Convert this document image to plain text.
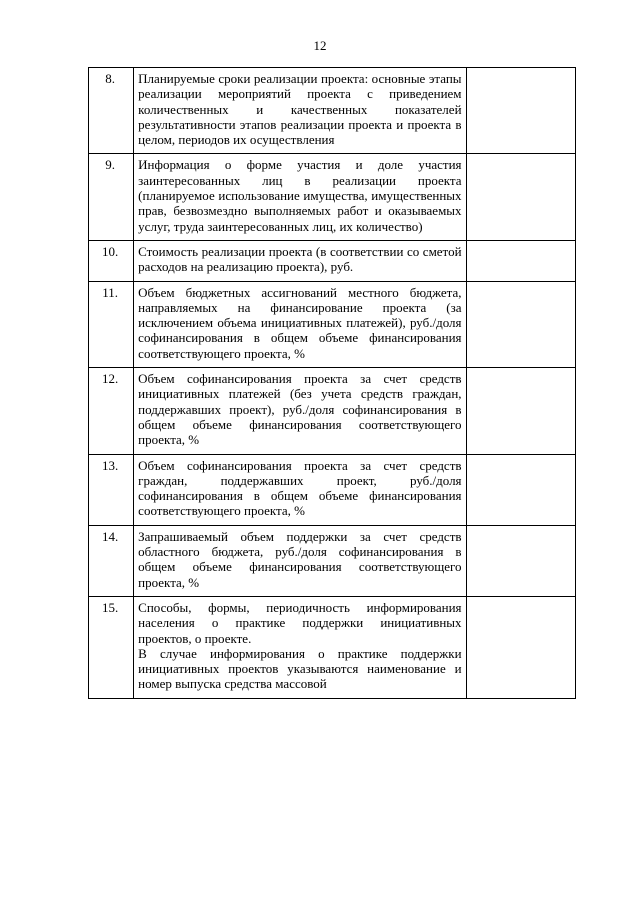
12
8.	Планируемые сроки реализации проекта: основные этапы реализации мероприятий проекта с приведением количественных и качественных показателей результативности этапов реализации проекта и проекта в целом, периодов их осуществления	
9.	Информация о форме участия и доле участия заинтересованных лиц в реализации проекта (планируемое использование имущества, имущественных прав, безвозмездно выполняемых работ и оказываемых услуг, труда заинтересованных лиц, их количество)	
10.	Стоимость реализации проекта (в соответствии со сметой расходов на реализацию проекта), руб.	
11.	Объем бюджетных ассигнований местного бюджета, направляемых на финансирование проекта (за исключением объема инициативных платежей), руб./доля софинансирования в общем объеме финансирования соответствующего проекта, %	
12.	Объем софинансирования проекта за счет средств инициативных платежей (без учета средств граждан, поддержавших проект), руб./доля софинансирования в общем объеме финансирования соответствующего проекта, %	
13.	Объем софинансирования проекта за счет средств граждан, поддержавших проект, руб./доля софинансирования в общем объеме финансирования соответствующего проекта, %	
14.	Запрашиваемый объем поддержки за счет средств областного бюджета, руб./доля софинансирования в общем объеме финансирования соответствующего проекта, %	
15.	Способы, формы, периодичность информирования населения о практике поддержки инициативных проектов, о проекте.
В случае информирования о практике поддержки инициативных проектов указываются наименование и номер выпуска средства массовой	
